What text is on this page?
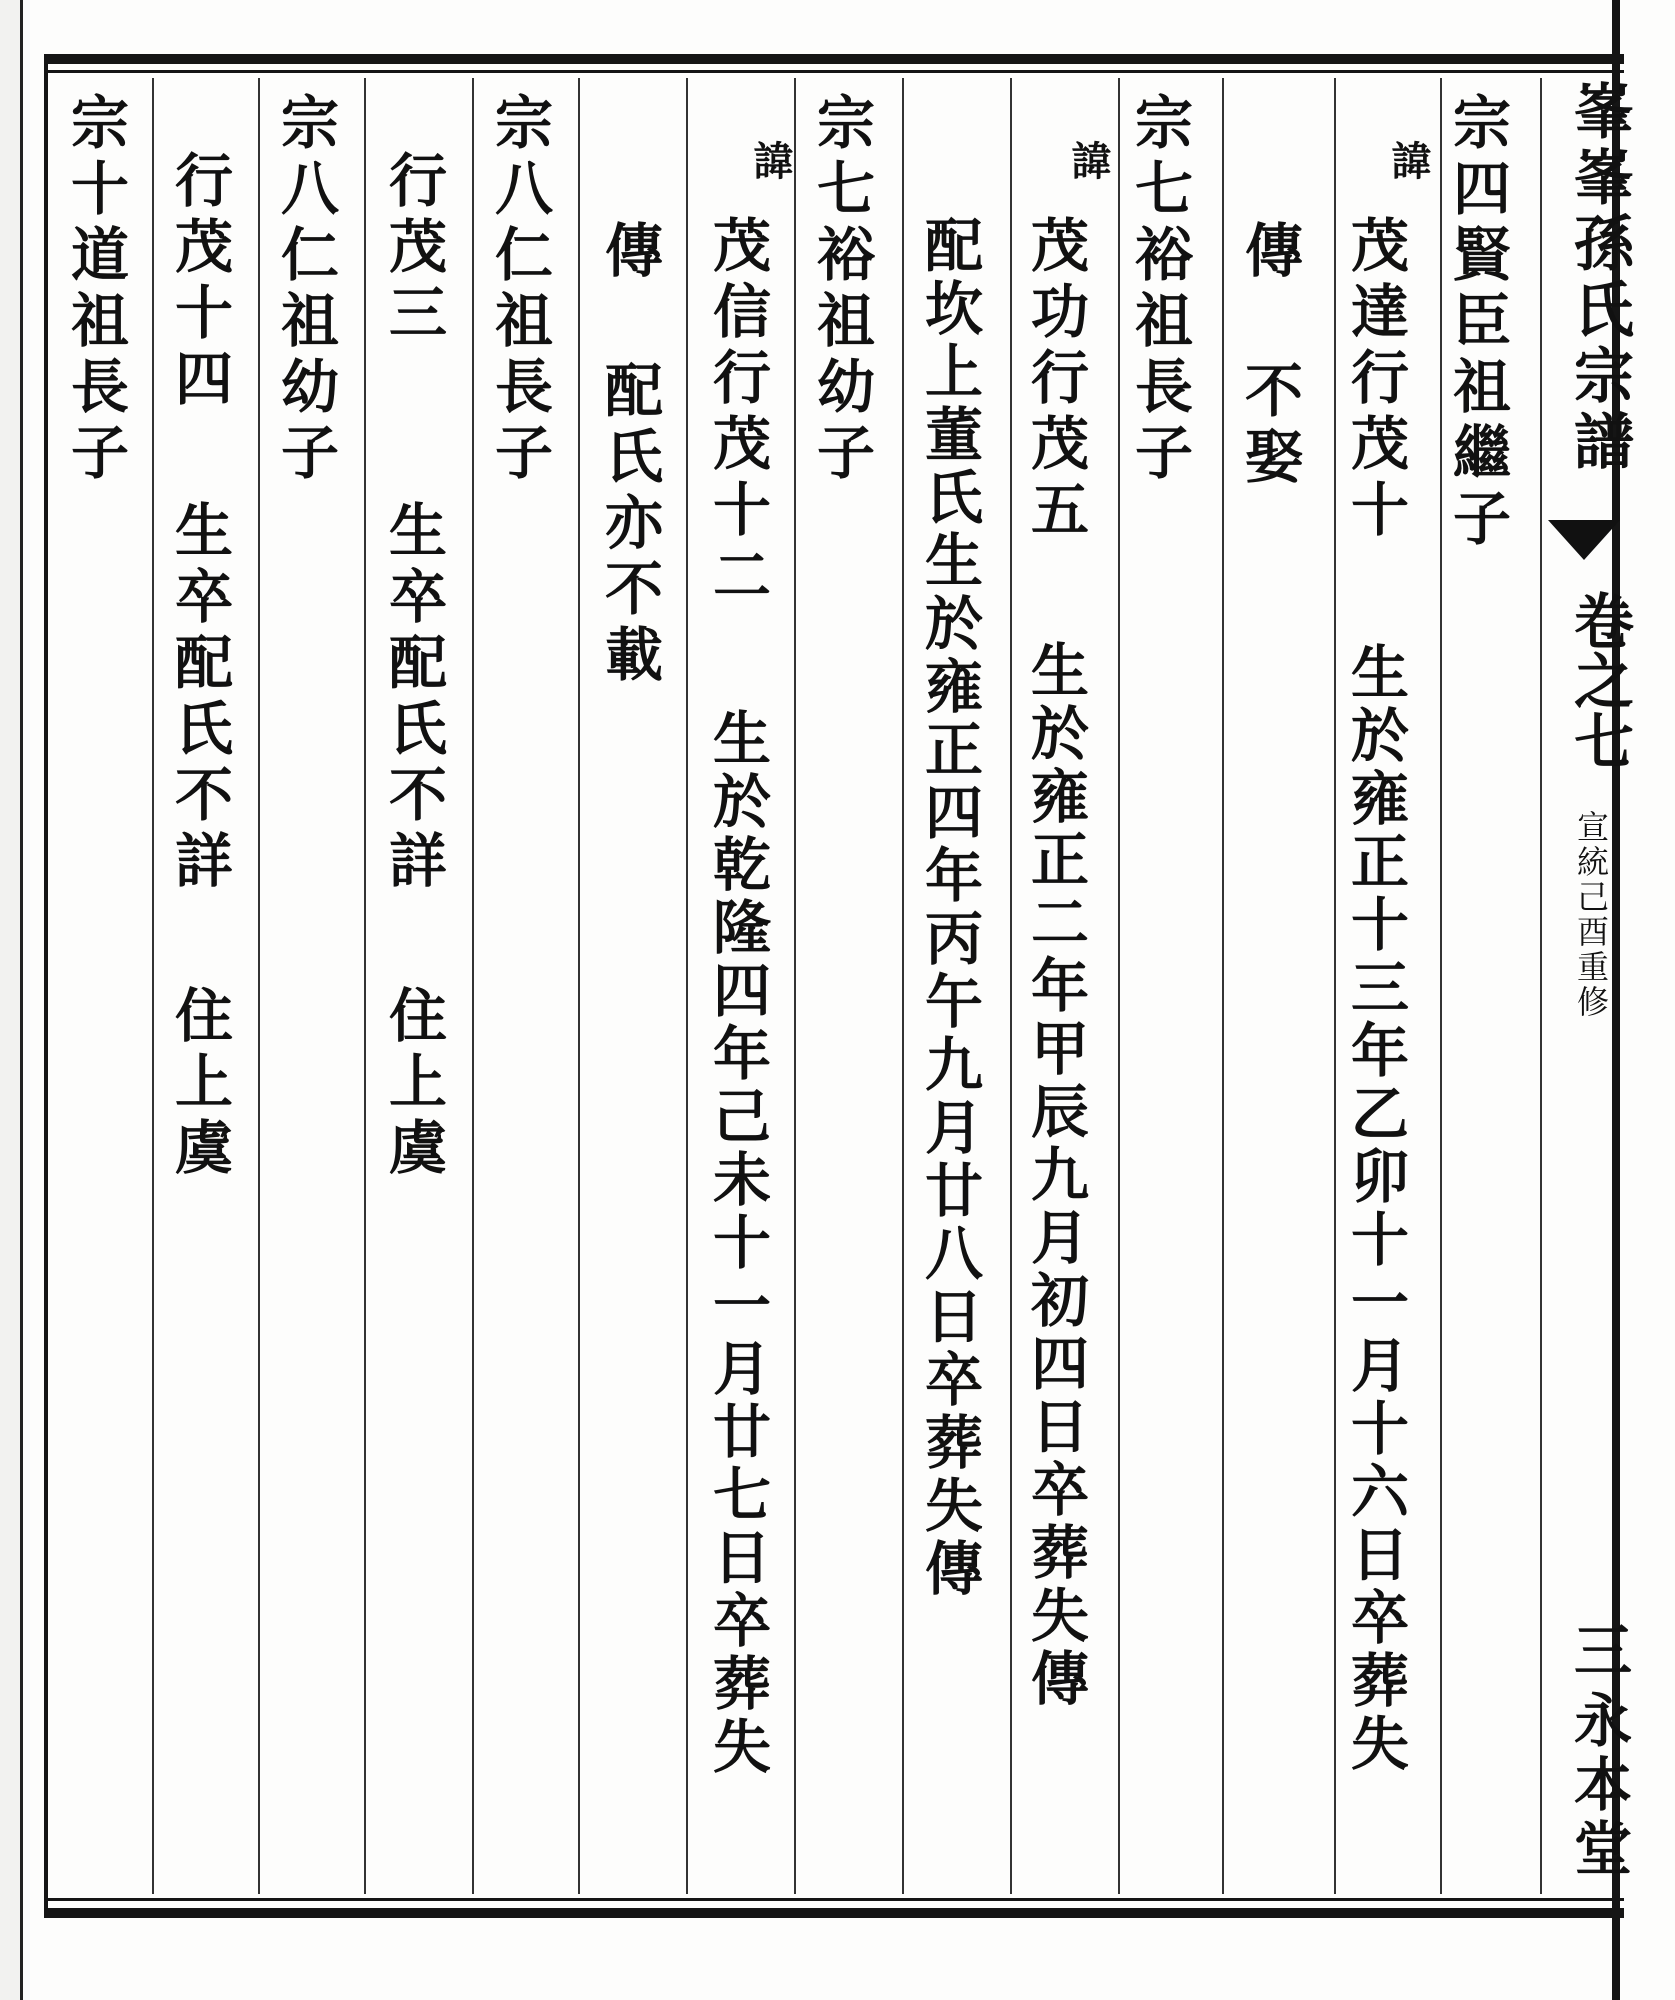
峯峯孫氏宗譜
卷之七
宣統己酉重修
三
永本堂
宗四賢臣祖繼子
諱
茂達行茂十
生於雍正十三年乙卯十一月十六日卒葬失
傳
不娶
宗七裕祖長子
諱
茂功行茂五
生於雍正二年甲辰九月初四日卒葬失傳
配坎上董氏生於雍正四年丙午九月廿八日卒葬失傳
宗七裕祖幼子
諱
茂信行茂十二
生於乾隆四年己未十一月廿七日卒葬失
傳
配氏亦不載
宗八仁祖長子
行茂三
生卒配氏不詳
住上虞
宗八仁祖幼子
行茂十四
生卒配氏不詳
住上虞
宗十道祖長子
